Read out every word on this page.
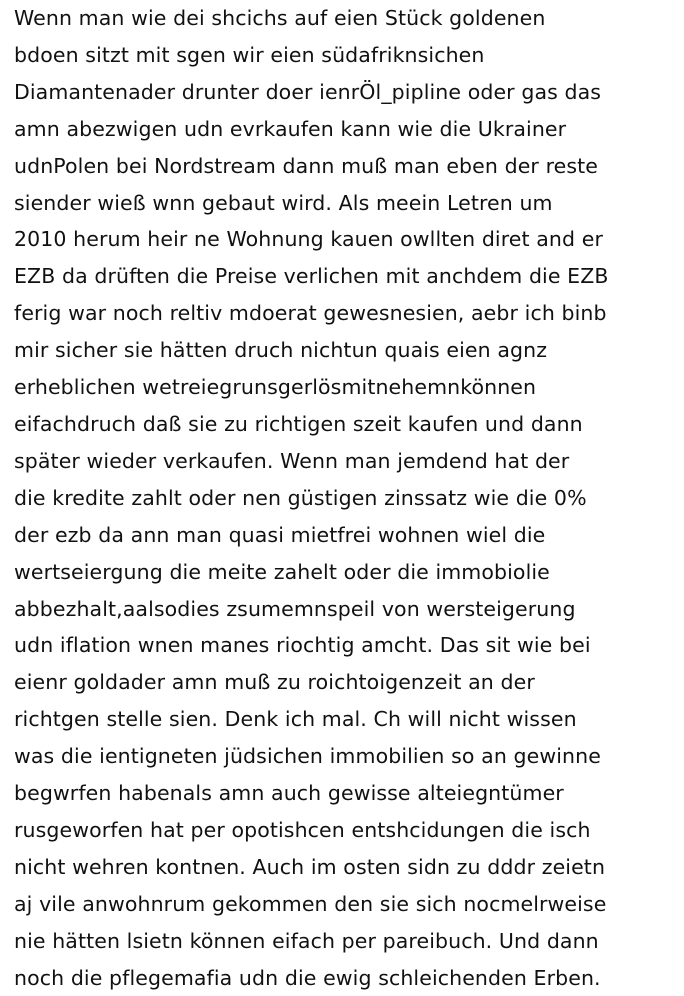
Wenn man wie dei shcichs auf eien Stück goldenen
bdoen sitzt mit sgen wir eien südafriknsichen
Diamantenader drunter doer ienrÖl_pipline oder gas das
amn abezwigen udn evrkaufen kann wie die Ukrainer
udnPolen bei Nordstream dann muß man eben der reste
siender wieß wnn gebaut wird. Als meein Letren um
2010 herum heir ne Wohnung kauen owllten diret and er
EZB da drüften die Preise verlichen mit anchdem die EZB
ferig war noch reltiv mdoerat gewesnesien, aebr ich binb
mir sicher sie hätten druch nichtun quais eien agnz
erheblichen wetreiegrunsgerlösmitnehemnkönnen
eifachdruch daß sie zu richtigen szeit kaufen und dann
später wieder verkaufen. Wenn man jemdend hat der
die kredite zahlt oder nen güstigen zinssatz wie die 0%
der ezb da ann man quasi mietfrei wohnen wiel die
wertseiergung die meite zahelt oder die immobiolie
abbezhalt,aalsodies zsumemnspeil von wersteigerung
udn iflation wnen manes riochtig amcht. Das sit wie bei
eienr goldader amn muß zu roichtoigenzeit an der
richtgen stelle sien. Denk ich mal. Ch will nicht wissen
was die ientigneten jüdsichen immobilien so an gewinne
begwrfen habenals amn auch gewisse alteiegntümer
rusgeworfen hat per opotishcen entshcidungen die isch
nicht wehren kontnen. Auch im osten sidn zu dddr zeietn
aj vile anwohnrum gekommen den sie sich nocmelrweise
nie hätten lsietn können eifach per pareibuch. Und dann
noch die pflegemafia udn die ewig schleichenden Erben.
